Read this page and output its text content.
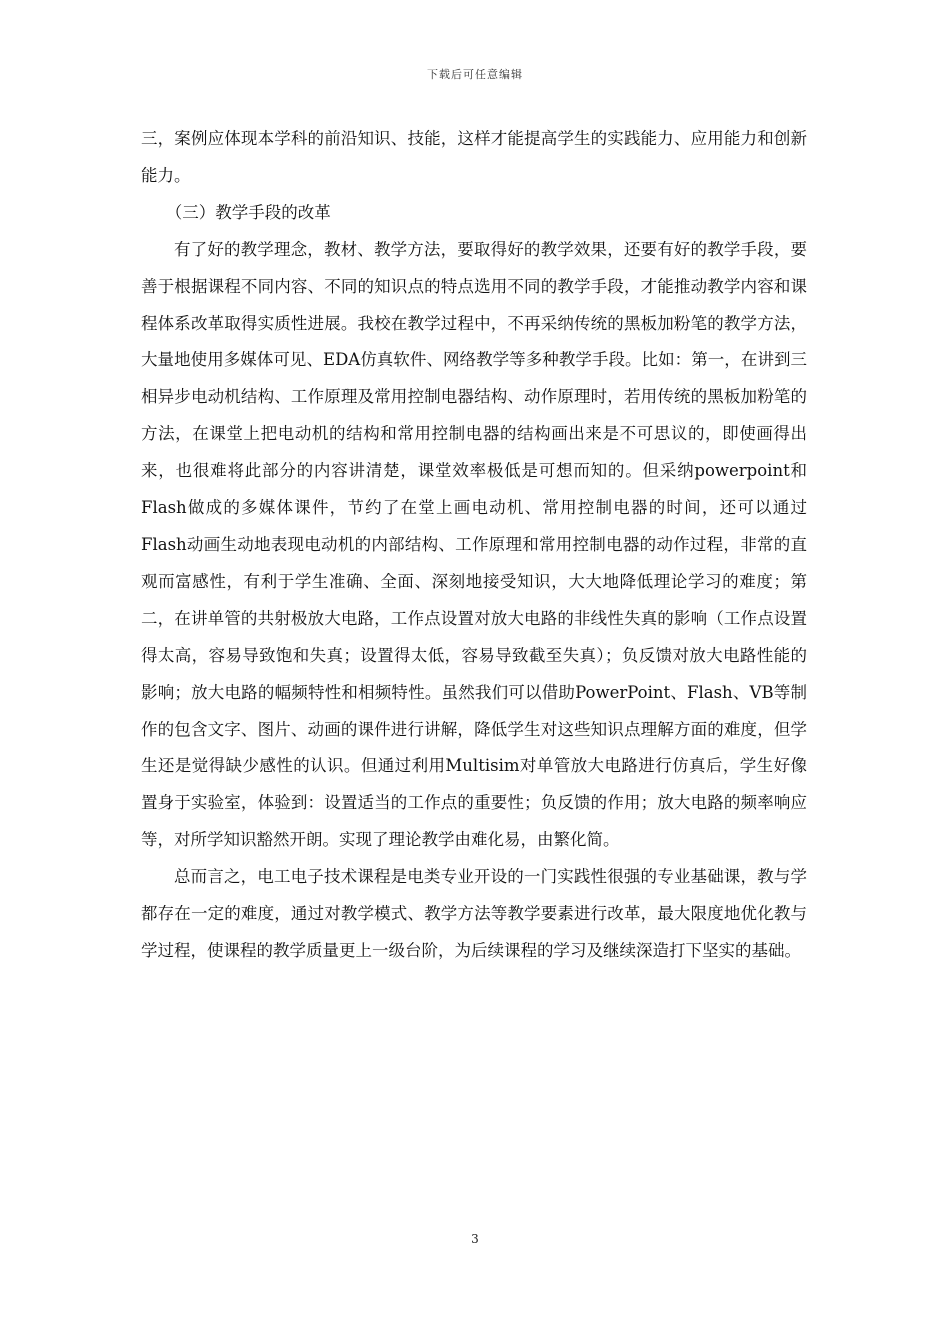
下载后可任意编辑

三，案例应体现本学科的前沿知识、技能，这样才能提高学生的实践能力、应用能力和创新能力。

（三）教学手段的改革

有了好的教学理念，教材、教学方法，要取得好的教学效果，还要有好的教学手段，要善于根据课程不同内容、不同的知识点的特点选用不同的教学手段，才能推动教学内容和课程体系改革取得实质性进展。我校在教学过程中，不再采纳传统的黑板加粉笔的教学方法，大量地使用多媒体可见、EDA仿真软件、网络教学等多种教学手段。比如：第一，在讲到三相异步电动机结构、工作原理及常用控制电器结构、动作原理时，若用传统的黑板加粉笔的方法，在课堂上把电动机的结构和常用控制电器的结构画出来是不可思议的，即使画得出来，也很难将此部分的内容讲清楚，课堂效率极低是可想而知的。但采纳powerpoint和Flash做成的多媒体课件，节约了在堂上画电动机、常用控制电器的时间，还可以通过Flash动画生动地表现电动机的内部结构、工作原理和常用控制电器的动作过程，非常的直观而富感性，有利于学生准确、全面、深刻地接受知识，大大地降低理论学习的难度；第二，在讲单管的共射极放大电路，工作点设置对放大电路的非线性失真的影响（工作点设置得太高，容易导致饱和失真；设置得太低，容易导致截至失真）；负反馈对放大电路性能的影响；放大电路的幅频特性和相频特性。虽然我们可以借助PowerPoint、Flash、VB等制作的包含文字、图片、动画的课件进行讲解，降低学生对这些知识点理解方面的难度，但学生还是觉得缺少感性的认识。但通过利用Multisim对单管放大电路进行仿真后，学生好像置身于实验室，体验到：设置适当的工作点的重要性；负反馈的作用；放大电路的频率响应等，对所学知识豁然开朗。实现了理论教学由难化易，由繁化简。

总而言之，电工电子技术课程是电类专业开设的一门实践性很强的专业基础课，教与学都存在一定的难度，通过对教学模式、教学方法等教学要素进行改革，最大限度地优化教与学过程，使课程的教学质量更上一级台阶，为后续课程的学习及继续深造打下坚实的基础。

3
